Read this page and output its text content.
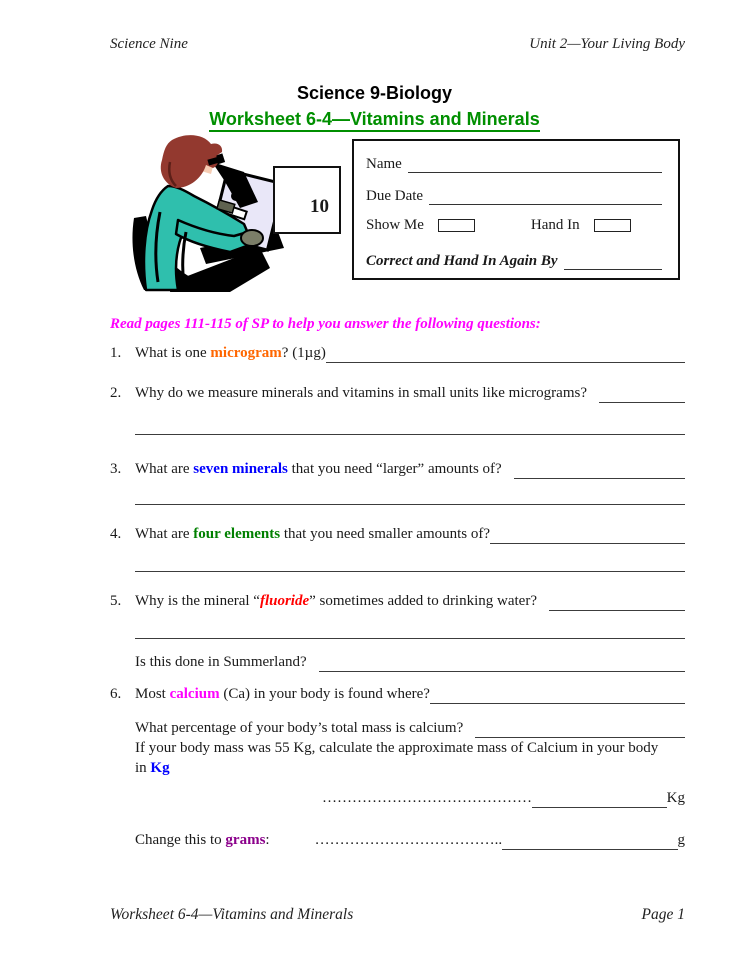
Science Nine	Unit 2—Your Living Body
Science 9-Biology
Worksheet 6-4—Vitamins and Minerals
10
Name
Due Date
Show Me	Hand In
Correct and Hand In Again By
Read pages 111-115 of SP to help you answer the following questions:
1. What is one microgram? (1µg)
2. Why do we measure minerals and vitamins in small units like micrograms?
3. What are seven minerals that you need “larger” amounts of?
4. What are four elements that you need smaller amounts of?
5. Why is the mineral “fluoride” sometimes added to drinking water?
Is this done in Summerland?
6. Most calcium (Ca) in your body is found where?
What percentage of your body’s total mass is calcium?
If your body mass was 55 Kg, calculate the approximate mass of Calcium in your body
in Kg
……………………………………	Kg
Change this to grams:	………………………………..	g
Worksheet 6-4—Vitamins and Minerals	Page 1
